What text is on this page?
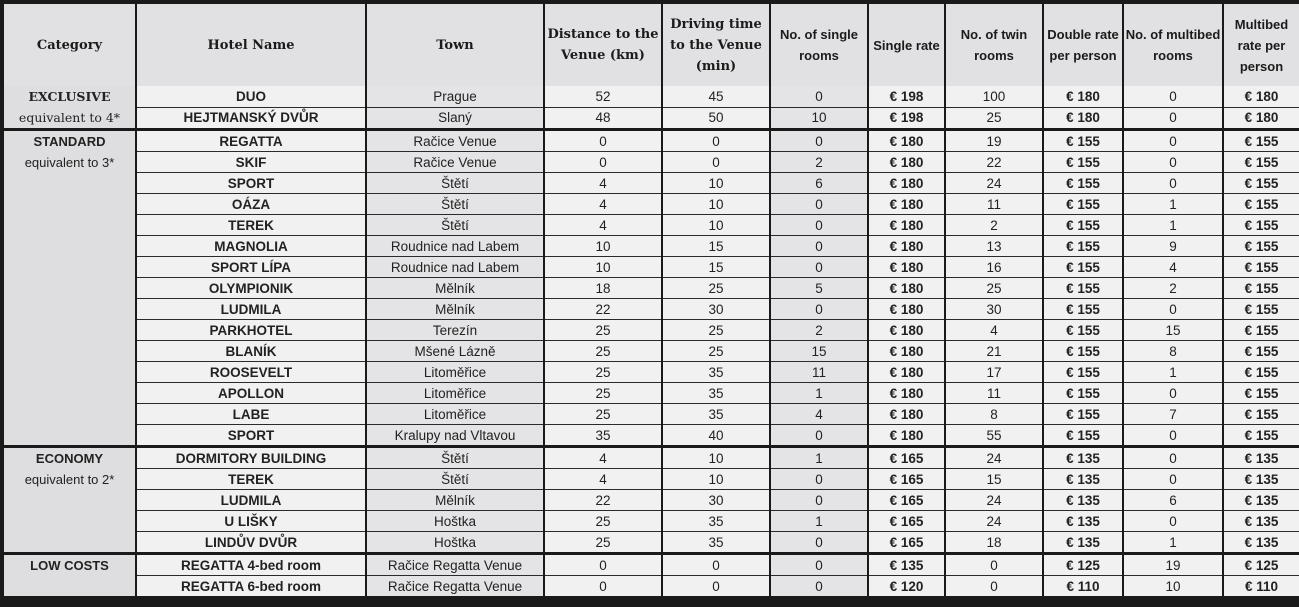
Category	Hotel Name	Town	Distance to the Venue (km)	Driving time to the Venue (min)	No. of single rooms	Single rate	No. of twin rooms	Double rate per person	No. of multibed rooms	Multibed rate per person

EXCLUSIVE
equivalent to 4*	DUO	Prague	52	45	0	€ 198	100	€ 180	0	€ 180
	HEJTMANSKÝ DVŮR	Slaný	48	50	10	€ 198	25	€ 180	0	€ 180

STANDARD
equivalent to 3*	REGATTA	Račice Venue	0	0	0	€ 180	19	€ 155	0	€ 155
	SKIF	Račice Venue	0	0	2	€ 180	22	€ 155	0	€ 155
	SPORT	Štětí	4	10	6	€ 180	24	€ 155	0	€ 155
	OÁZA	Štětí	4	10	0	€ 180	11	€ 155	1	€ 155
	TEREK	Štětí	4	10	0	€ 180	2	€ 155	1	€ 155
	MAGNOLIA	Roudnice nad Labem	10	15	0	€ 180	13	€ 155	9	€ 155
	SPORT LÍPA	Roudnice nad Labem	10	15	0	€ 180	16	€ 155	4	€ 155
	OLYMPIONIK	Mělník	18	25	5	€ 180	25	€ 155	2	€ 155
	LUDMILA	Mělník	22	30	0	€ 180	30	€ 155	0	€ 155
	PARKHOTEL	Terezín	25	25	2	€ 180	4	€ 155	15	€ 155
	BLANÍK	Mšené Lázně	25	25	15	€ 180	21	€ 155	8	€ 155
	ROOSEVELT	Litoměřice	25	35	11	€ 180	17	€ 155	1	€ 155
	APOLLON	Litoměřice	25	35	1	€ 180	11	€ 155	0	€ 155
	LABE	Litoměřice	25	35	4	€ 180	8	€ 155	7	€ 155
	SPORT	Kralupy nad Vltavou	35	40	0	€ 180	55	€ 155	0	€ 155

ECONOMY
equivalent to 2*	DORMITORY BUILDING	Štětí	4	10	1	€ 165	24	€ 135	0	€ 135
	TEREK	Štětí	4	10	0	€ 165	15	€ 135	0	€ 135
	LUDMILA	Mělník	22	30	0	€ 165	24	€ 135	6	€ 135
	U LIŠKY	Hoštka	25	35	1	€ 165	24	€ 135	0	€ 135
	LINDŮV DVŮR	Hoštka	25	35	0	€ 165	18	€ 135	1	€ 135

LOW COSTS	REGATTA 4-bed room	Račice Regatta Venue	0	0	0	€ 135	0	€ 125	19	€ 125
	REGATTA 6-bed room	Račice Regatta Venue	0	0	0	€ 120	0	€ 110	10	€ 110
